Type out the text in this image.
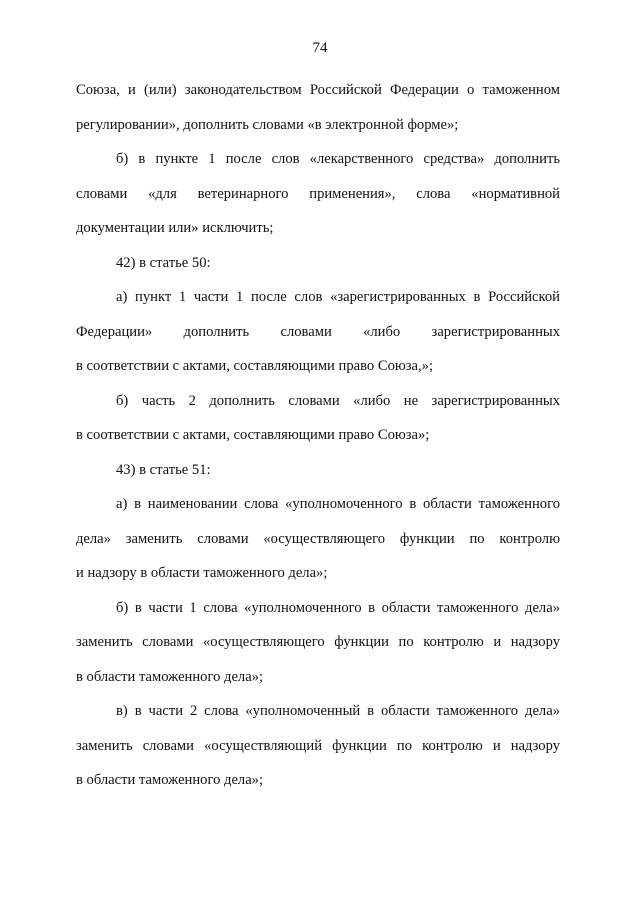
74
Союза, и (или) законодательством Российской Федерации о таможенном
регулировании», дополнить словами «в электронной форме»;
б) в пункте 1 после слов «лекарственного средства» дополнить
словами «для ветеринарного применения», слова «нормативной
документации или» исключить;
42) в статье 50:
а) пункт 1 части 1 после слов «зарегистрированных в Российской
Федерации» дополнить словами «либо зарегистрированных
в соответствии с актами, составляющими право Союза,»;
б) часть 2 дополнить словами «либо не зарегистрированных
в соответствии с актами, составляющими право Союза»;
43) в статье 51:
а) в наименовании слова «уполномоченного в области таможенного
дела» заменить словами «осуществляющего функции по контролю
и надзору в области таможенного дела»;
б) в части 1 слова «уполномоченного в области таможенного дела»
заменить словами «осуществляющего функции по контролю и надзору
в области таможенного дела»;
в) в части 2 слова «уполномоченный в области таможенного дела»
заменить словами «осуществляющий функции по контролю и надзору
в области таможенного дела»;
